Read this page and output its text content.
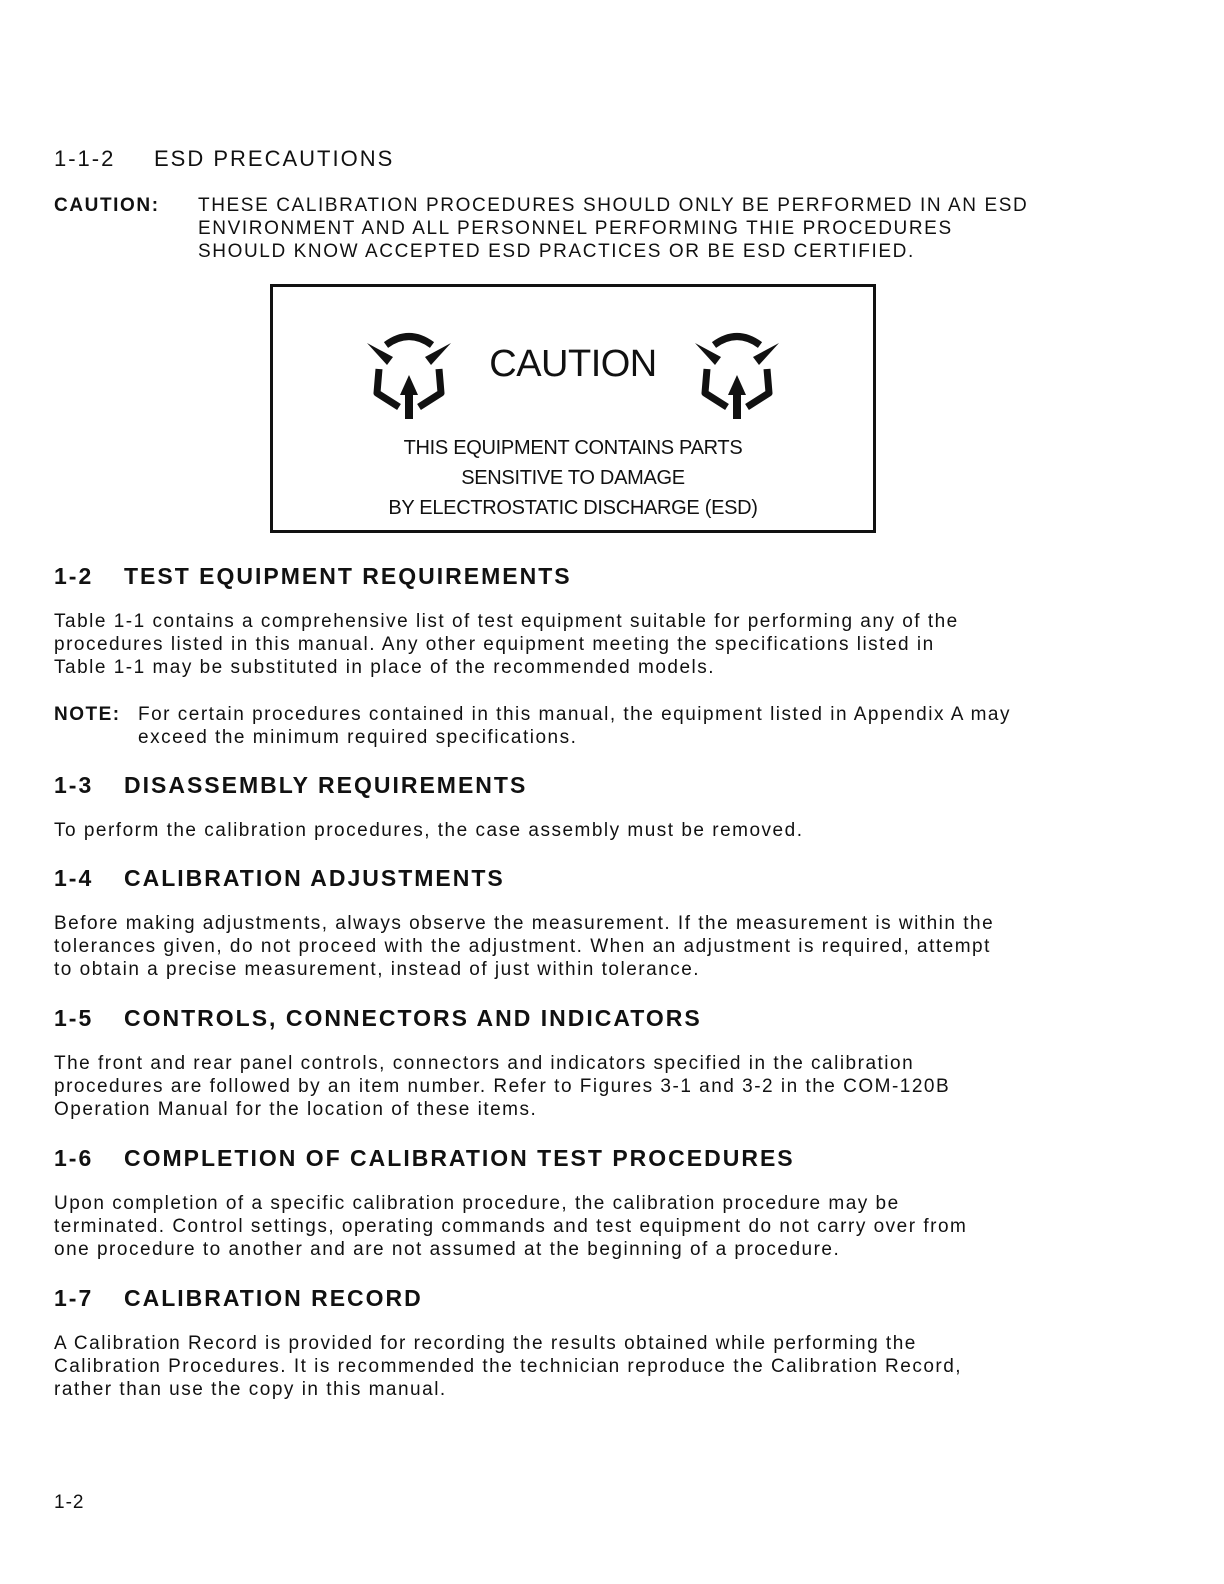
1-1-2 ESD PRECAUTIONS
CAUTION: THESE CALIBRATION PROCEDURES SHOULD ONLY BE PERFORMED IN AN ESD
ENVIRONMENT AND ALL PERSONNEL PERFORMING THIE PROCEDURES
SHOULD KNOW ACCEPTED ESD PRACTICES OR BE ESD CERTIFIED.
CAUTION
THIS EQUIPMENT CONTAINS PARTS
SENSITIVE TO DAMAGE
BY ELECTROSTATIC DISCHARGE (ESD)
1-2 TEST EQUIPMENT REQUIREMENTS

Table 1-1 contains a comprehensive list of test equipment suitable for performing any of the
procedures listed in this manual. Any other equipment meeting the specifications listed in
Table 1-1 may be substituted in place of the recommended models.

NOTE: For certain procedures contained in this manual, the equipment listed in Appendix A may
exceed the minimum required specifications.
1-3 DISASSEMBLY REQUIREMENTS

To perform the calibration procedures, the case assembly must be removed.

1-4 CALIBRATION ADJUSTMENTS

Before making adjustments, always observe the measurement. If the measurement is within the
tolerances given, do not proceed with the adjustment. When an adjustment is required, attempt
to obtain a precise measurement, instead of just within tolerance.

1-5 CONTROLS, CONNECTORS AND INDICATORS

The front and rear panel controls, connectors and indicators specified in the calibration
procedures are followed by an item number. Refer to Figures 3-1 and 3-2 in the COM-120B
Operation Manual for the location of these items.

1-6 COMPLETION OF CALIBRATION TEST PROCEDURES

Upon completion of a specific calibration procedure, the calibration procedure may be
terminated. Control settings, operating commands and test equipment do not carry over from
one procedure to another and are not assumed at the beginning of a procedure.

1-7 CALIBRATION RECORD

A Calibration Record is provided for recording the results obtained while performing the
Calibration Procedures. It is recommended the technician reproduce the Calibration Record,
rather than use the copy in this manual.

1-2
